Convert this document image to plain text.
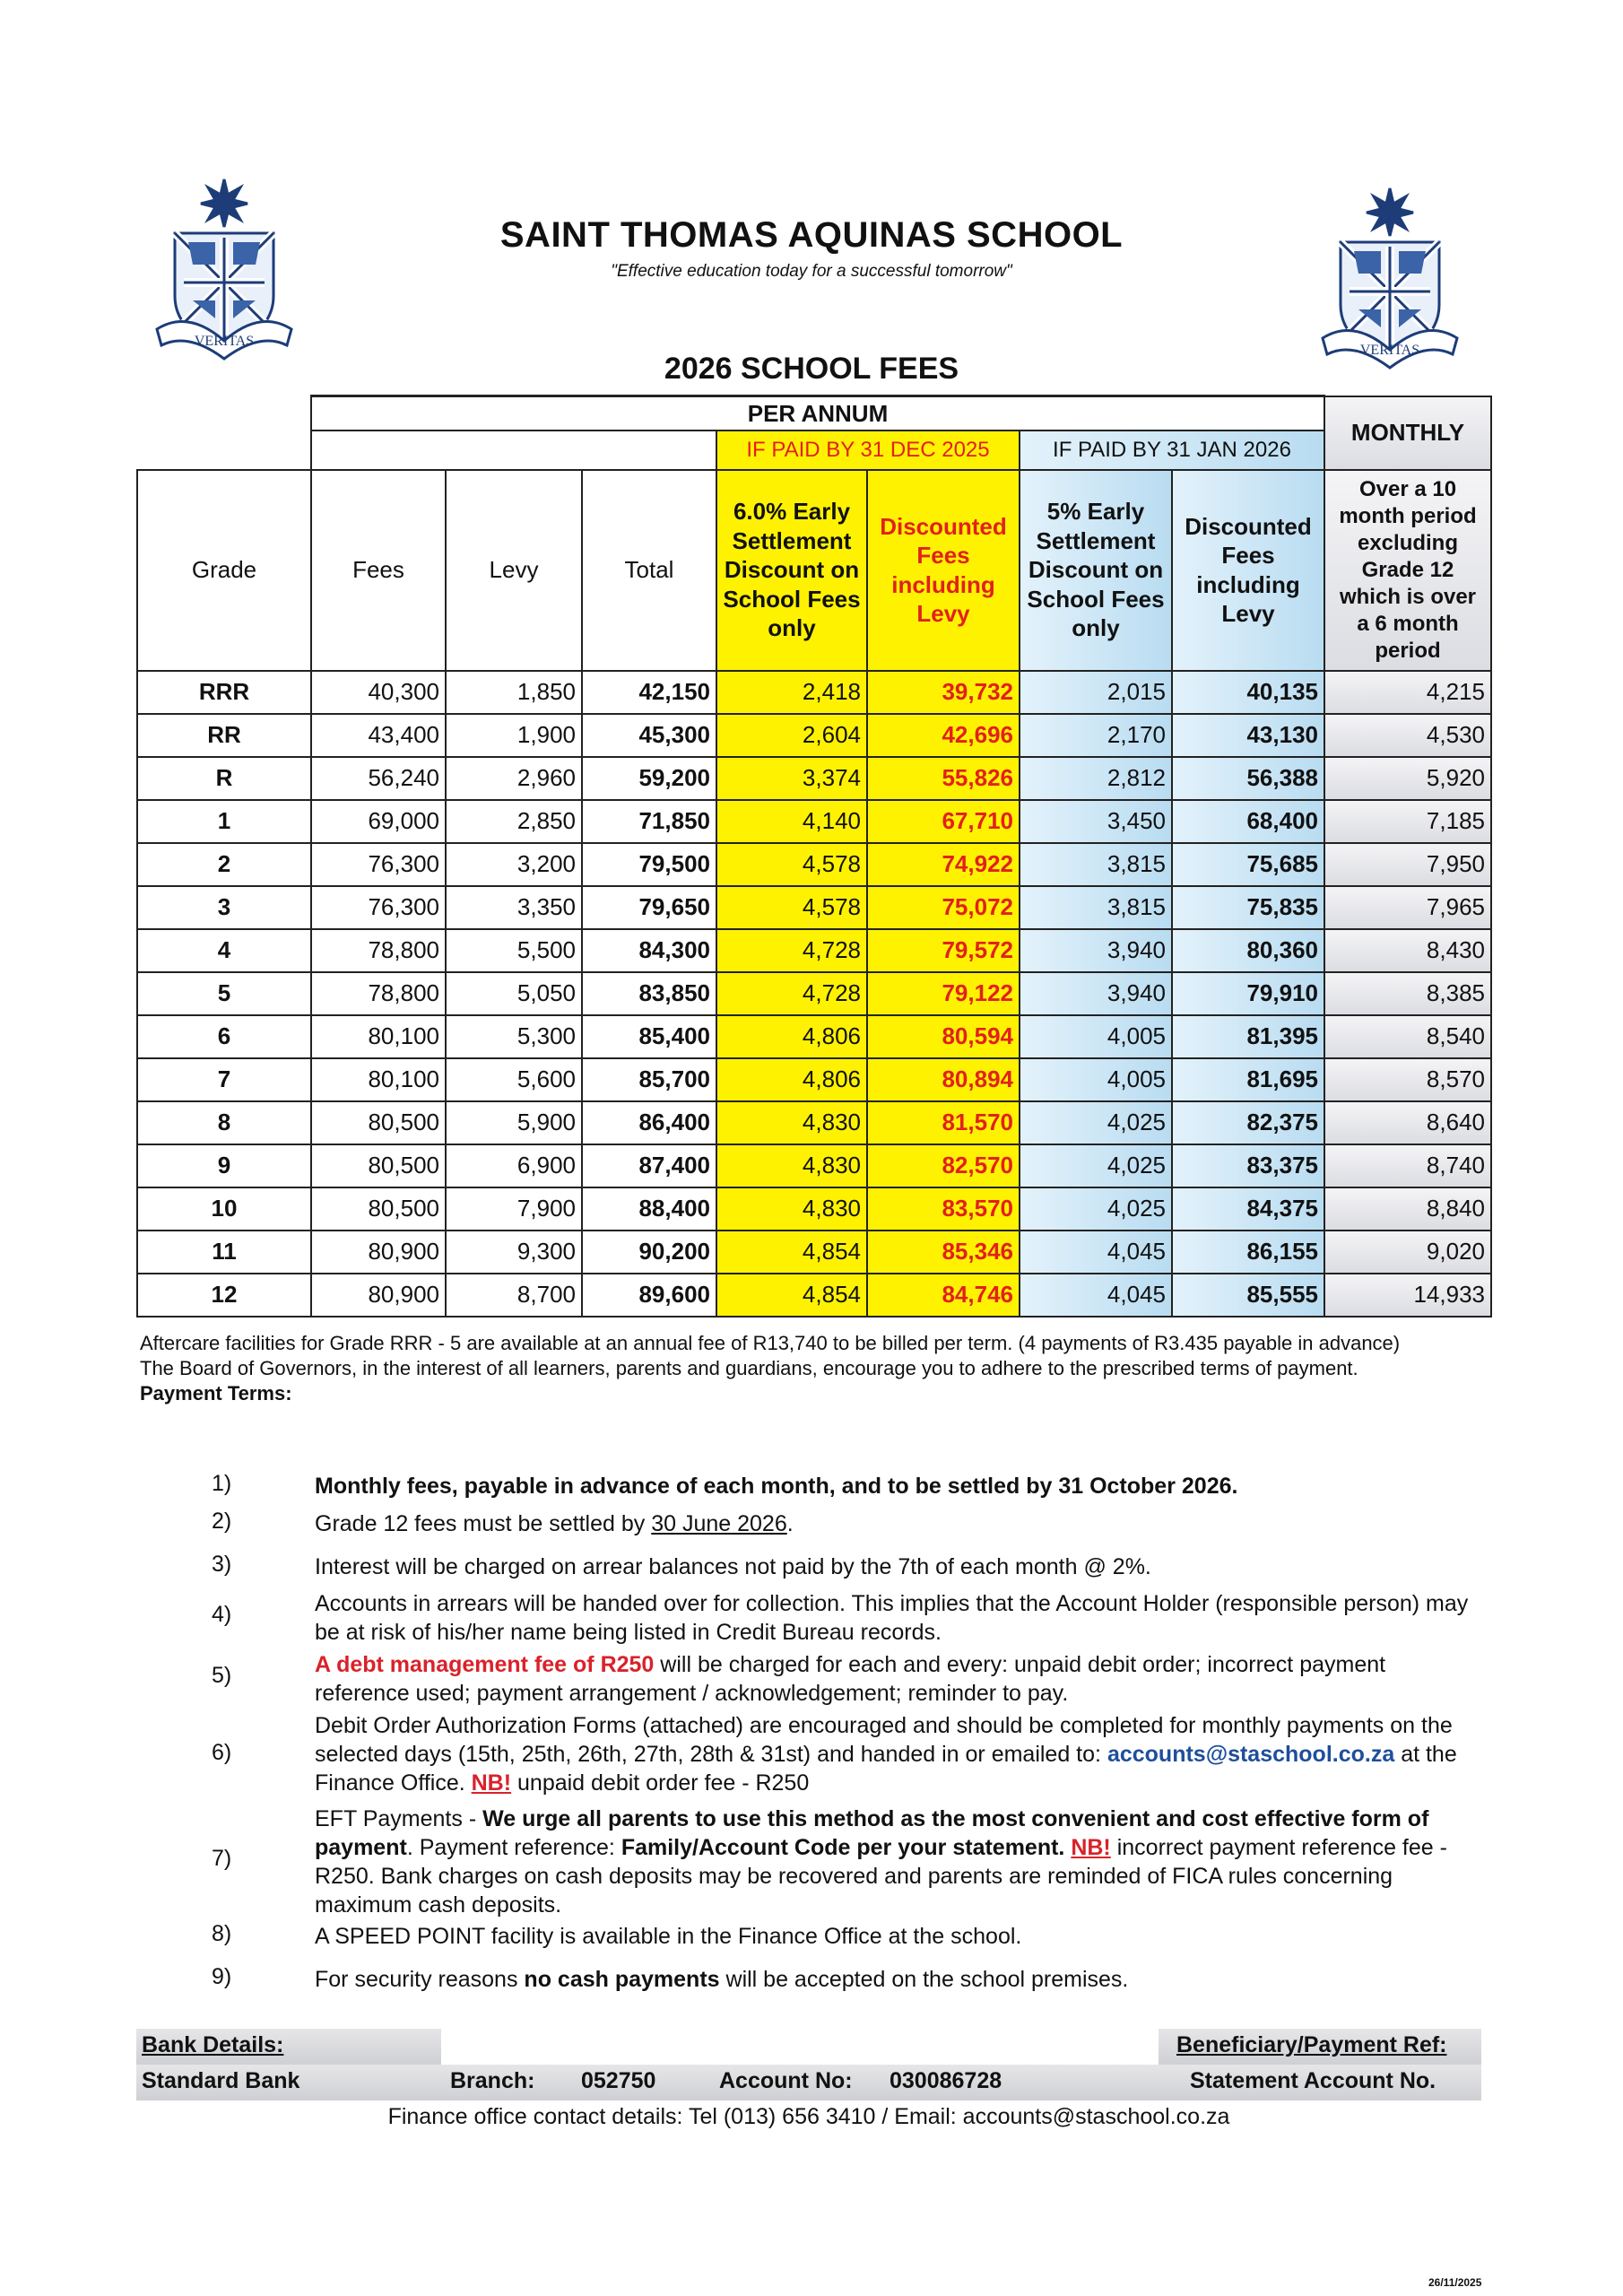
VERITAS
VERITAS
SAINT THOMAS AQUINAS SCHOOL
"Effective education today for a successful tomorrow"
2026 SCHOOL FEES
	PER ANNUM							MONTHLY
				IF PAID BY 31 DEC 2025		IF PAID BY 31 JAN 2026		
Grade	Fees	Levy	Total	6.0% Early Settlement Discount on School Fees only	Discounted Fees including Levy	5% Early Settlement Discount on School Fees only	Discounted Fees including Levy	Over a 10 month period excluding Grade 12 which is over a 6 month period
RRR	40,300	1,850	42,150	2,418	39,732	2,015	40,135	4,215
RR	43,400	1,900	45,300	2,604	42,696	2,170	43,130	4,530
R	56,240	2,960	59,200	3,374	55,826	2,812	56,388	5,920
1	69,000	2,850	71,850	4,140	67,710	3,450	68,400	7,185
2	76,300	3,200	79,500	4,578	74,922	3,815	75,685	7,950
3	76,300	3,350	79,650	4,578	75,072	3,815	75,835	7,965
4	78,800	5,500	84,300	4,728	79,572	3,940	80,360	8,430
5	78,800	5,050	83,850	4,728	79,122	3,940	79,910	8,385
6	80,100	5,300	85,400	4,806	80,594	4,005	81,395	8,540
7	80,100	5,600	85,700	4,806	80,894	4,005	81,695	8,570
8	80,500	5,900	86,400	4,830	81,570	4,025	82,375	8,640
9	80,500	6,900	87,400	4,830	82,570	4,025	83,375	8,740
10	80,500	7,900	88,400	4,830	83,570	4,025	84,375	8,840
11	80,900	9,300	90,200	4,854	85,346	4,045	86,155	9,020
12	80,900	8,700	89,600	4,854	84,746	4,045	85,555	14,933

Aftercare facilities for Grade RRR - 5 are available at an annual fee of R13,740 to be billed per term. (4 payments of R3.435 payable in advance)

The Board of Governors, in the interest of all learners, parents and guardians, encourage you to adhere to the prescribed terms of payment.

Payment Terms:

1)	Monthly fees, payable in advance of each month, and to be settled by 31 October 2026.
2)	Grade 12 fees must be settled by 30 June 2026.
3)	Interest will be charged on arrear balances not paid by the 7th of each month @ 2%.
4)	Accounts in arrears will be handed over for collection. This implies that the Account Holder (responsible person) may be at risk of his/her name being listed in Credit Bureau records.
5)	A debt management fee of R250 will be charged for each and every: unpaid debit order; incorrect payment reference used; payment arrangement / acknowledgement; reminder to pay.
6)
Debit Order Authorization Forms (attached) are encouraged and should be completed for monthly payments on the selected days (15th, 25th, 26th, 27th, 28th & 31st) and handed in or emailed to: accounts@staschool.co.za at the Finance Office. NB! unpaid debit order fee - R250
7)
EFT Payments - We urge all parents to use this method as the most convenient and cost effective form of payment. Payment reference: Family/Account Code per your statement. NB! incorrect payment reference fee - R250. Bank charges on cash deposits may be recovered and parents are reminded of FICA rules concerning maximum cash deposits.
8)	A SPEED POINT facility is available in the Finance Office at the school.
9)	For security reasons no cash payments will be accepted on the school premises.
Bank Details:	Beneficiary/Payment Ref:
Standard Bank	Branch: 052750	Account No: 030086728	Statement Account No.
Finance office contact details: Tel (013) 656 3410 / Email: accounts@staschool.co.za
26/11/2025
